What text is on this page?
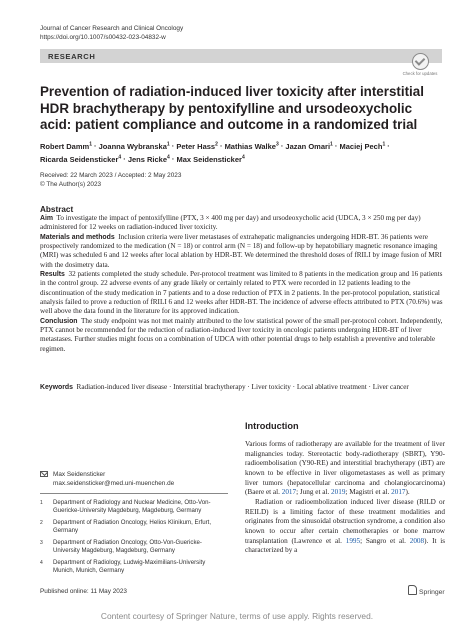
Journal of Cancer Research and Clinical Oncology
https://doi.org/10.1007/s00432-023-04832-w
RESEARCH
Check for updates
Prevention of radiation-induced liver toxicity after interstitial HDR brachytherapy by pentoxifylline and ursodeoxycholic acid: patient compliance and outcome in a randomized trial
Robert Damm$^1$ · Joanna Wybranska$^1$ · Peter Hass$^2$ · Mathias Walke$^3$ · Jazan Omari$^1$ · Maciej Pech$^1$ ·
Ricarda Seidensticker$^4$ · Jens Ricke$^4$ · Max Seidensticker$^4$
Received: 22 March 2023 / Accepted: 2 May 2023
© The Author(s) 2023
Abstract

Aim To investigate the impact of pentoxifylline (PTX, 3 × 400 mg per day) and ursodeoxycholic acid (UDCA, 3 × 250 mg per day) administered for 12 weeks on radiation-induced liver toxicity.

Materials and methods Inclusion criteria were liver metastases of extrahepatic malignancies undergoing HDR-BT. 36 patients were prospectively randomized to the medication (N = 18) or control arm (N = 18) and follow-up by hepatobiliary magnetic resonance imaging (MRI) was scheduled 6 and 12 weeks after local ablation by HDR-BT. We determined the threshold doses of fRILI by image fusion of MRI with the dosimetry data.

Results 32 patients completed the study schedule. Per-protocol treatment was limited to 8 patients in the medication group and 16 patients in the control group. 22 adverse events of any grade likely or certainly related to PTX were recorded in 12 patients leading to the discontinuation of the study medication in 7 patients and to a dose reduction of PTX in 2 patients. In the per-protocol population, statistical analysis failed to prove a reduction of fRILI 6 and 12 weeks after HDR-BT. The incidence of adverse effects attributed to PTX (70.6%) was well above the data found in the literature for its approved indication.

Conclusion The study endpoint was not met mainly attributed to the low statistical power of the small per-protocol cohort. Independently, PTX cannot be recommended for the reduction of radiation-induced liver toxicity in oncologic patients undergoing HDR-BT of liver metastases. Further studies might focus on a combination of UDCA with other potential drugs to help establish a preventive and tolerable regimen.

Keywords Radiation-induced liver disease · Interstitial brachytherapy · Liver toxicity · Local ablative treatment · Liver cancer
Max Seidensticker
max.seidensticker@med.uni-muenchen.de
1 Department of Radiology and Nuclear Medicine, Otto-Von-Guericke-University Magdeburg, Magdeburg, Germany
2 Department of Radiation Oncology, Helios Klinikum, Erfurt, Germany
3 Department of Radiation Oncology, Otto-Von-Guericke-University Magdeburg, Magdeburg, Germany
4 Department of Radiology, Ludwig-Maximilians-University Munich, Munich, Germany
Introduction

Various forms of radiotherapy are available for the treatment of liver malignancies today. Stereotactic body-radiotherapy (SBRT), Y90-radioembolisation (Y90-RE) and interstitial brachytherapy (iBT) are known to be effective in liver oligometastases as well as primary liver tumors (hepatocellular carcinoma and cholangiocarcinoma) (Baere et al. 2017; Jung et al. 2019; Magistri et al. 2017).

Radiation or radioembolization induced liver disease (RILD or REILD) is a limiting factor of these treatment modalities and originates from the sinusoidal obstruction syndrome, a condition also known to occur after certain chemotherapies or bone marrow transplantation (Lawrence et al. 1995; Sangro et al. 2008). It is characterized by a

Published online: 11 May 2023	Springer
Content courtesy of Springer Nature, terms of use apply. Rights reserved.
